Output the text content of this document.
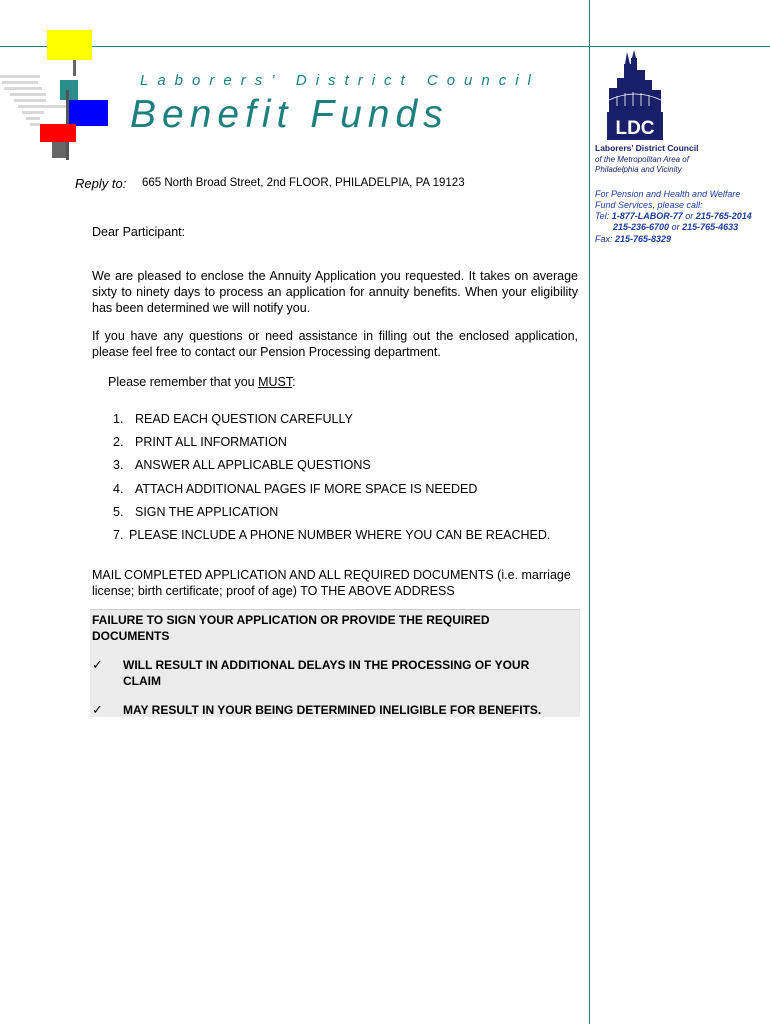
Laborers’ District Council
Benefit Funds
Reply to: 665 North Broad Street, 2nd FLOOR, PHILADELPIA, PA 19123
Dear Participant:
We are pleased to enclose the Annuity Application you requested. It takes on average sixty to ninety days to process an application for annuity benefits. When your eligibility has been determined we will notify you.
If you have any questions or need assistance in filling out the enclosed application, please feel free to contact our Pension Processing department.
Please remember that you MUST:
1. READ EACH QUESTION CAREFULLY
2. PRINT ALL INFORMATION
3. ANSWER ALL APPLICABLE QUESTIONS
4. ATTACH ADDITIONAL PAGES IF MORE SPACE IS NEEDED
5. SIGN THE APPLICATION
7. PLEASE INCLUDE A PHONE NUMBER WHERE YOU CAN BE REACHED.
MAIL COMPLETED APPLICATION AND ALL REQUIRED DOCUMENTS (i.e. marriage license; birth certificate; proof of age) TO THE ABOVE ADDRESS
FAILURE TO SIGN YOUR APPLICATION OR PROVIDE THE REQUIRED DOCUMENTS
✓ WILL RESULT IN ADDITIONAL DELAYS IN THE PROCESSING OF YOUR CLAIM
✓ MAY RESULT IN YOUR BEING DETERMINED INELIGIBLE FOR BENEFITS.
LDC
Laborers’ District Council
of the Metropolitan Area of
Philadelphia and Vicinity
For Pension and Health and Welfare
Fund Services, please call:
Tel: 1-877-LABOR-77 or 215-765-2014
215-236-6700 or 215-765-4633
Fax: 215-765-8329
